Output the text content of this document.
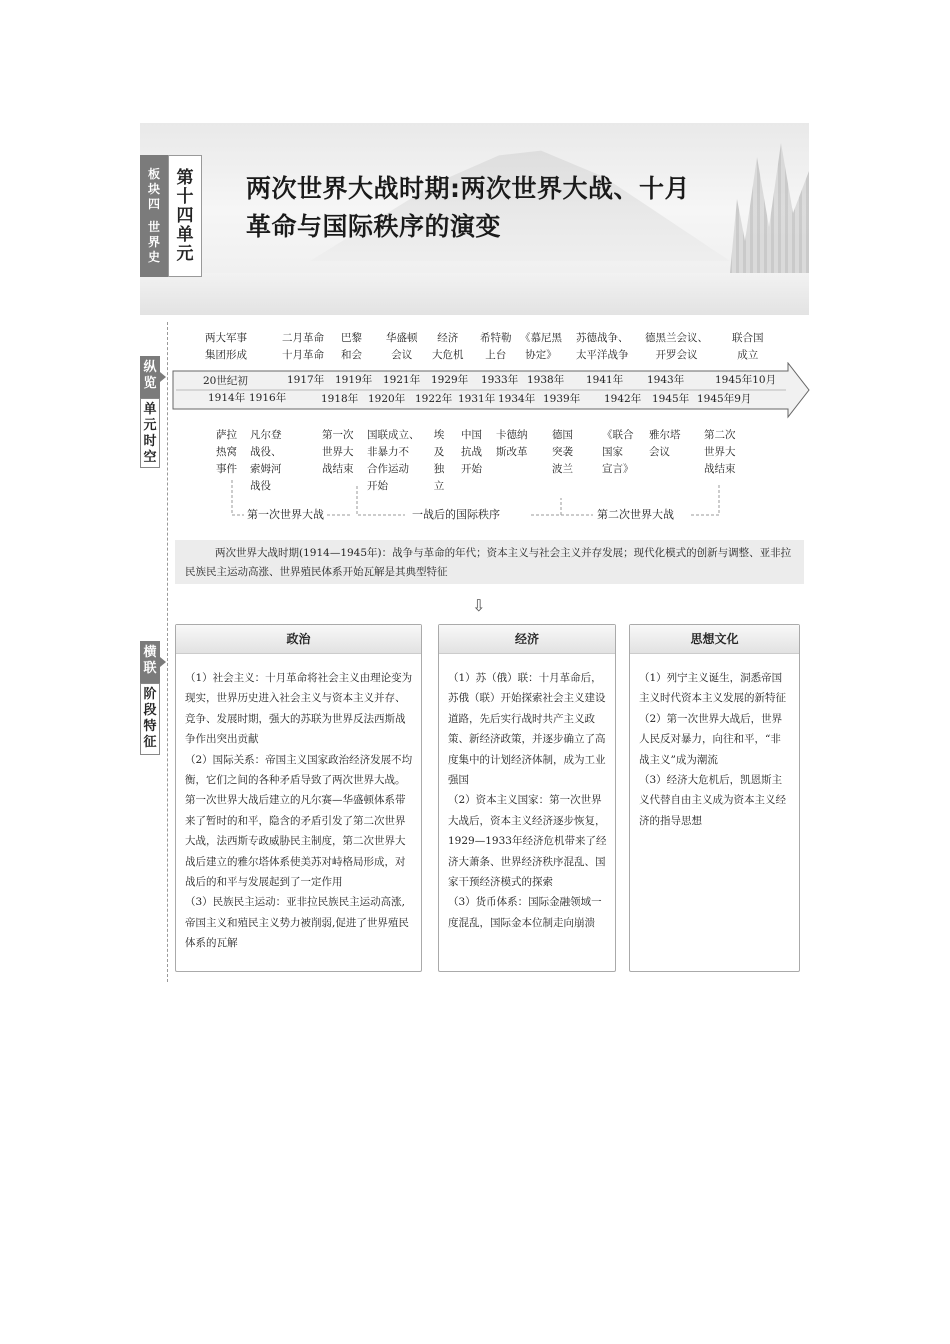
板
块
四
世
界
史
第
十
四
单
元
两次世界大战时期:两次世界大战、十月
革命与国际秩序的演变
纵
览
单
元
时
空
横
联
阶
段
特
征
两大军事
集团形成
二月革命
十月革命
巴黎
和会
华盛顿
会议
经济
大危机
希特勒
上台
《慕尼黑
协定》
苏德战争、
太平洋战争
德黑兰会议、
开罗会议
联合国
成立
20世纪初	1917年 1919年 1921年 1929年 1933年 1938年 1941年 1943年	1945年10月
1914年 1916年	1918年 1920年 1922年 1931年 1934年 1939年 1942年 1945年 1945年9月
萨拉
热窝
事件
凡尔登
战役、
索姆河
战役
第一次
世界大
战结束
国联成立、
非暴力不
合作运动
开始
埃
及
独
立
中国
抗战
开始
卡德纳
斯改革
德国
突袭
波兰
《联合
国家
宣言》
雅尔塔
会议
第二次
世界大
战结束
第一次世界大战	一战后的国际秩序	第二次世界大战
两次世界大战时期(1914—1945年)：战争与革命的年代；资本主义与社会主义并存发展；现代化模式的创新与调整、亚非拉民族民主运动高涨、世界殖民体系开始瓦解是其典型特征
⇩
政治

（1）社会主义：十月革命将社会主义由理论变为现实，世界历史进入社会主义与资本主义并存、竞争、发展时期，强大的苏联为世界反法西斯战争作出突出贡献

（2）国际关系：帝国主义国家政治经济发展不均衡，它们之间的各种矛盾导致了两次世界大战。第一次世界大战后建立的凡尔赛—华盛顿体系带来了暂时的和平，隐含的矛盾引发了第二次世界大战，法西斯专政威胁民主制度，第二次世界大战后建立的雅尔塔体系使美苏对峙格局形成，对战后的和平与发展起到了一定作用

（3）民族民主运动：亚非拉民族民主运动高涨,帝国主义和殖民主义势力被削弱,促进了世界殖民体系的瓦解

经济

（1）苏（俄）联：十月革命后，苏俄（联）开始探索社会主义建设道路，先后实行战时共产主义政策、新经济政策，并逐步确立了高度集中的计划经济体制，成为工业强国

（2）资本主义国家：第一次世界大战后，资本主义经济逐步恢复，1929—1933年经济危机带来了经济大萧条、世界经济秩序混乱、国家干预经济模式的探索

（3）货币体系：国际金融领域一度混乱，国际金本位制走向崩溃

思想文化

（1）列宁主义诞生，洞悉帝国主义时代资本主义发展的新特征

（2）第一次世界大战后，世界人民反对暴力，向往和平，“非战主义”成为潮流

（3）经济大危机后，凯恩斯主义代替自由主义成为资本主义经济的指导思想
